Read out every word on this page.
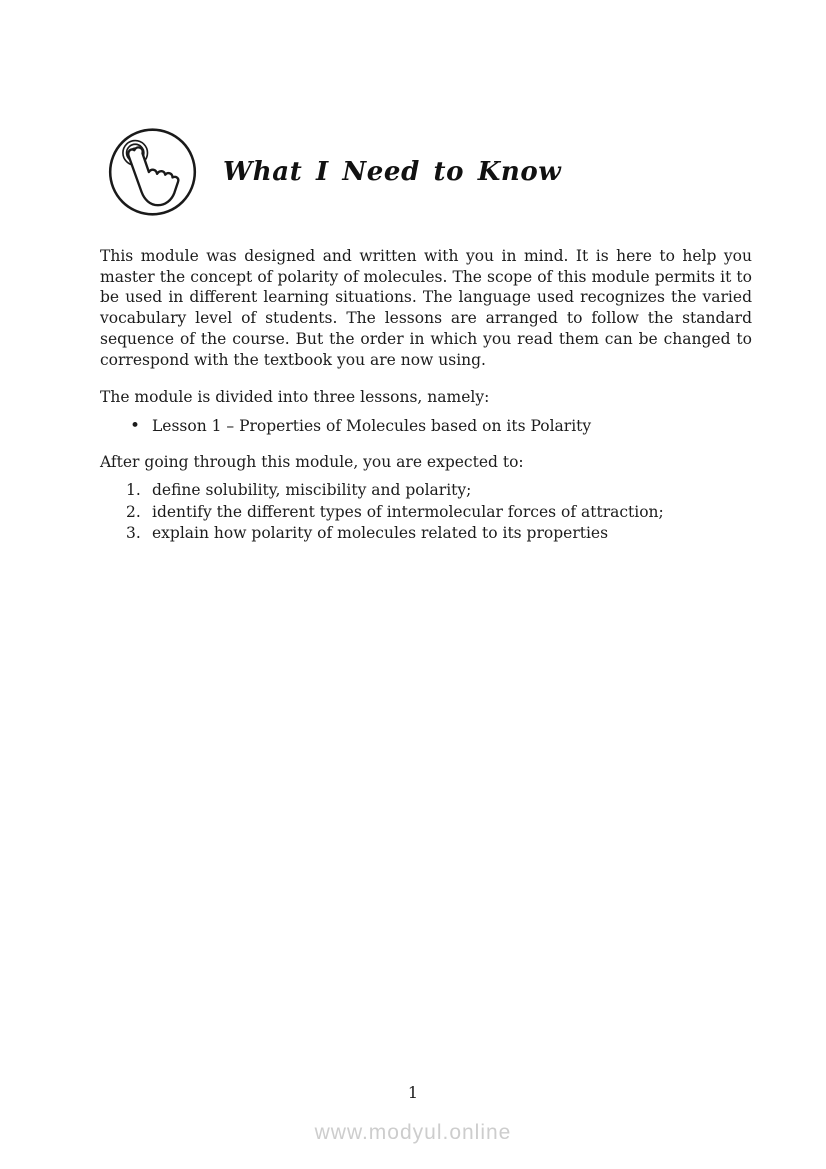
What I Need to Know

This module was designed and written with you in mind. It is here to help you master the concept of polarity of molecules. The scope of this module permits it to be used in different learning situations. The language used recognizes the varied vocabulary level of students. The lessons are arranged to follow the standard sequence of the course. But the order in which you read them can be changed to correspond with the textbook you are now using.

The module is divided into three lessons, namely:

• Lesson 1 – Properties of Molecules based on its Polarity

After going through this module, you are expected to:

define solubility, miscibility and polarity;
identify the different types of intermolecular forces of attraction;
explain how polarity of molecules related to its properties
1
www.modyul.online
